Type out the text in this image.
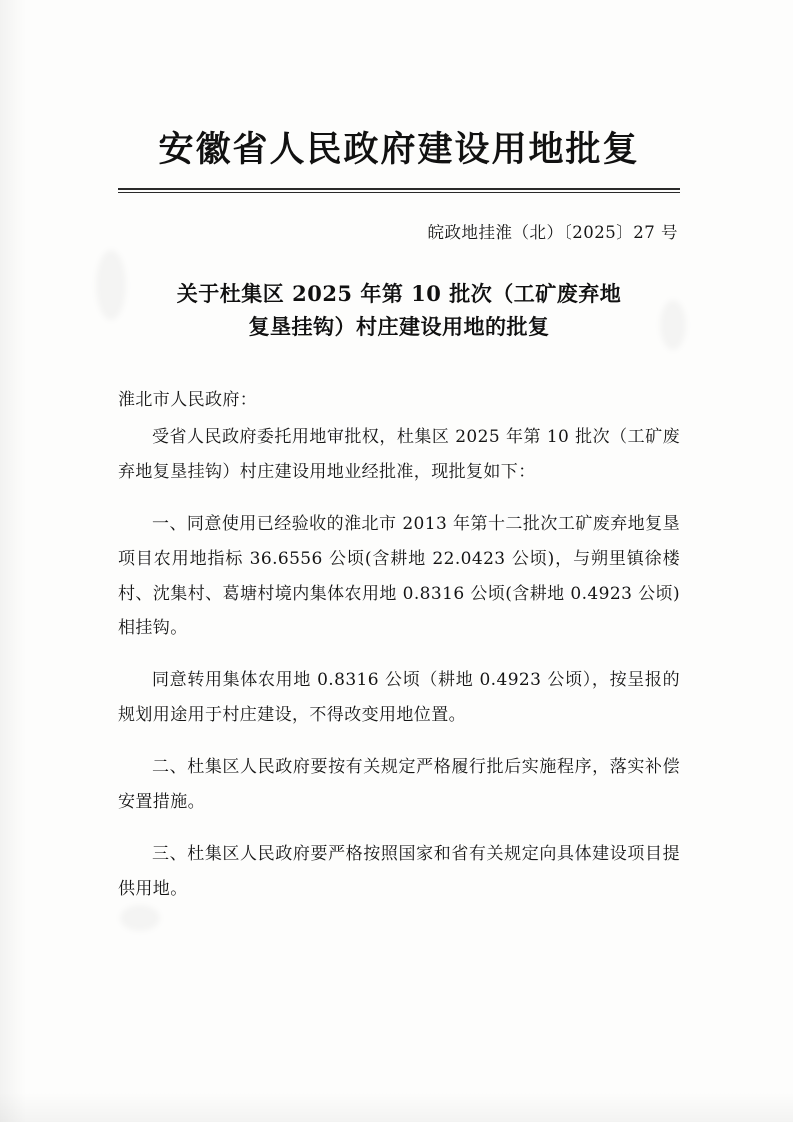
安徽省人民政府建设用地批复
皖政地挂淮（北）〔2025〕27 号
关于杜集区 2025 年第 10 批次（工矿废弃地
复垦挂钩）村庄建设用地的批复
淮北市人民政府：

受省人民政府委托用地审批权，杜集区 2025 年第 10 批次（工矿废弃地复垦挂钩）村庄建设用地业经批准，现批复如下：

一、同意使用已经验收的淮北市 2013 年第十二批次工矿废弃地复垦项目农用地指标 36.6556 公顷(含耕地 22.0423 公顷)，与朔里镇徐楼村、沈集村、葛塘村境内集体农用地 0.8316 公顷(含耕地 0.4923 公顷)相挂钩。

同意转用集体农用地 0.8316 公顷（耕地 0.4923 公顷），按呈报的规划用途用于村庄建设，不得改变用地位置。

二、杜集区人民政府要按有关规定严格履行批后实施程序，落实补偿安置措施。

三、杜集区人民政府要严格按照国家和省有关规定向具体建设项目提供用地。
